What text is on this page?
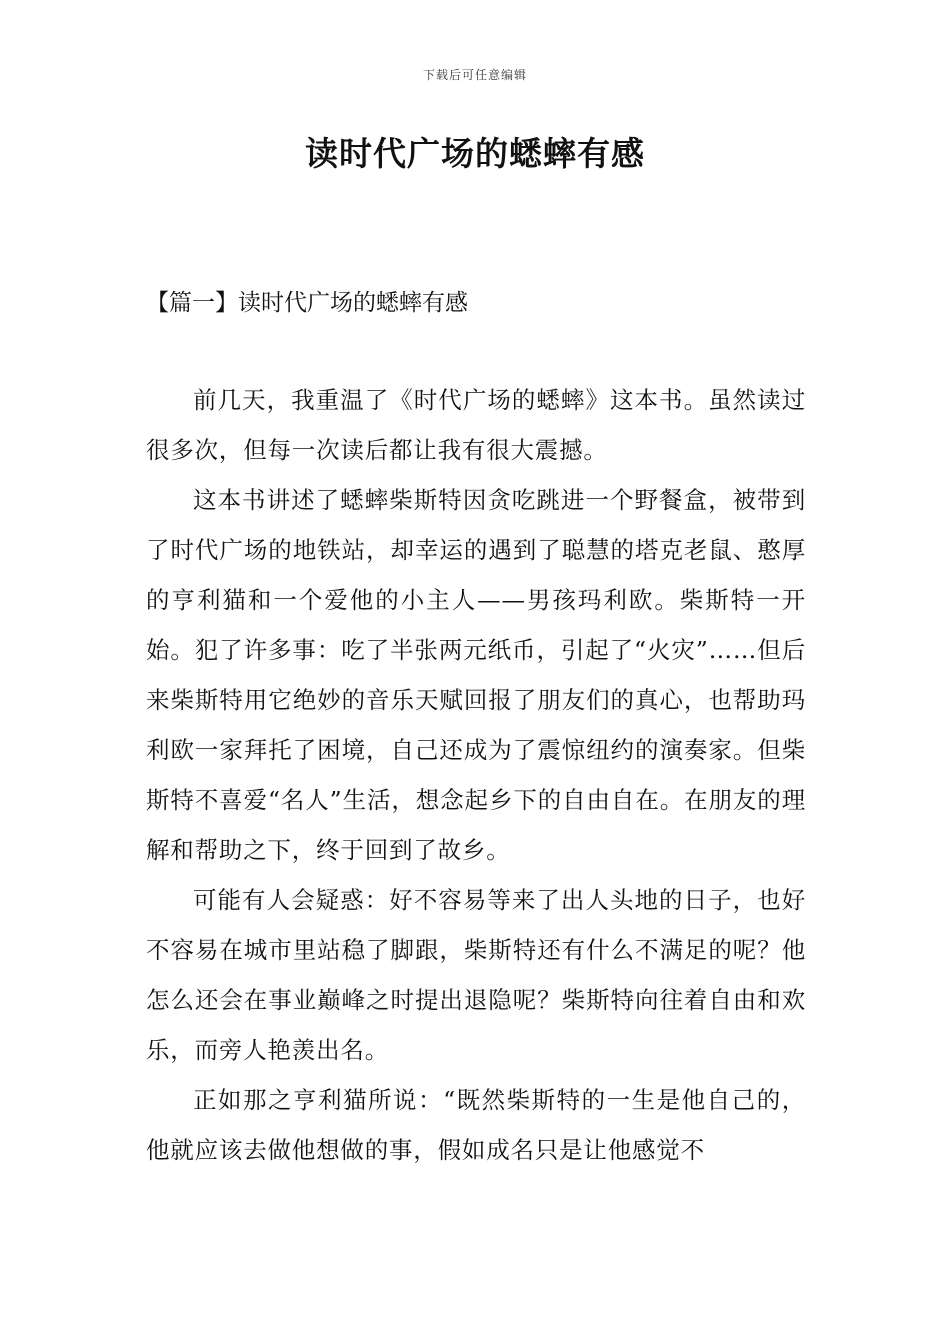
下载后可任意编辑
读时代广场的蟋蟀有感
【篇一】读时代广场的蟋蟀有感

前几天，我重温了《时代广场的蟋蟀》这本书。虽然读过很多次，但每一次读后都让我有很大震撼。

这本书讲述了蟋蟀柴斯特因贪吃跳进一个野餐盒，被带到了时代广场的地铁站，却幸运的遇到了聪慧的塔克老鼠、憨厚的亨利猫和一个爱他的小主人——男孩玛利欧。柴斯特一开始。犯了许多事：吃了半张两元纸币，引起了“火灾”……但后来柴斯特用它绝妙的音乐天赋回报了朋友们的真心，也帮助玛利欧一家拜托了困境，自己还成为了震惊纽约的演奏家。但柴斯特不喜爱“名人”生活，想念起乡下的自由自在。在朋友的理解和帮助之下，终于回到了故乡。

可能有人会疑惑：好不容易等来了出人头地的日子，也好不容易在城市里站稳了脚跟，柴斯特还有什么不满足的呢？他怎么还会在事业巅峰之时提出退隐呢？柴斯特向往着自由和欢乐，而旁人艳羡出名。

正如那之亨利猫所说：“既然柴斯特的一生是他自己的，他就应该去做他想做的事，假如成名只是让他感觉不
